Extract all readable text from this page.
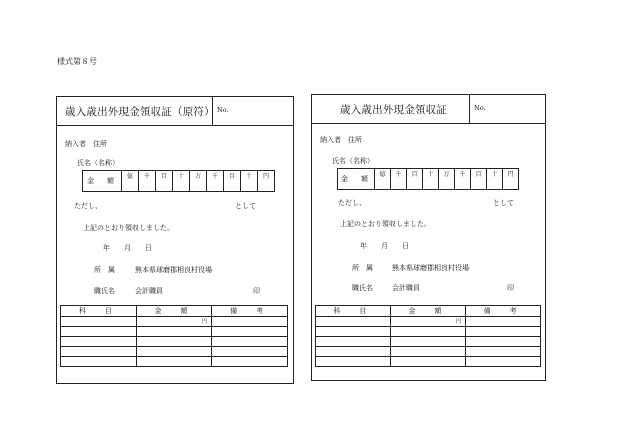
様式第８号
歳入歳出外現金領収証（原符） No.
納入者　住所
氏名（名称）
金　額	億	千	百	十	万	千	百	十	円
ただし、	として
上記のとおり領収しました。
年　　月　　日
所　属	熊本県球磨郡相良村役場
職氏名	会計職員	印
科　目	金　額	備　考
	円	

歳入歳出外現金領収証	No.
納入者　住所
氏名（名称）
金　額	億	千	百	十	万	千	百	十	円
ただし、	として
上記のとおり領収しました。
年　　月　　日
所　属	熊本県球磨郡相良村役場
職氏名	会計職員	印
科　目	金　額	備　考
	円	
